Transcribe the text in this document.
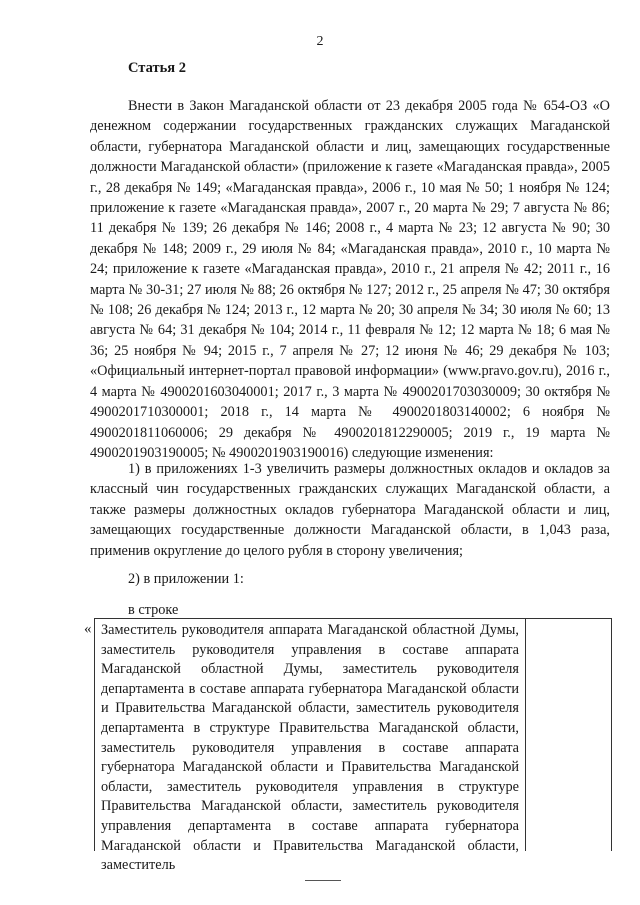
2
Статья 2

Внести в Закон Магаданской области от 23 декабря 2005 года № 654-ОЗ «О денежном содержании государственных гражданских служащих Магаданской области, губернатора Магаданской области и лиц, замещающих государственные должности Магаданской области» (приложение к газете «Магаданская правда», 2005 г., 28 декабря № 149; «Магаданская правда», 2006 г., 10 мая № 50; 1 ноября № 124; приложение к газете «Магаданская правда», 2007 г., 20 марта № 29; 7 августа № 86; 11 декабря № 139; 26 декабря № 146; 2008 г., 4 марта № 23; 12 августа № 90; 30 декабря № 148; 2009 г., 29 июля № 84; «Магаданская правда», 2010 г., 10 марта № 24; приложение к газете «Магаданская правда», 2010 г., 21 апреля № 42; 2011 г., 16 марта № 30-31; 27 июля № 88; 26 октября № 127; 2012 г., 25 апреля № 47; 30 октября № 108; 26 декабря № 124; 2013 г., 12 марта № 20; 30 апреля № 34; 30 июля № 60; 13 августа № 64; 31 декабря № 104; 2014 г., 11 февраля № 12; 12 марта № 18; 6 мая № 36; 25 ноября № 94; 2015 г., 7 апреля № 27; 12 июня № 46; 29 декабря № 103; «Официальный интернет-портал правовой информации» (www.pravo.gov.ru), 2016 г., 4 марта № 4900201603040001; 2017 г., 3 марта № 4900201703030009; 30 октября № 4900201710300001; 2018 г., 14 марта № 4900201803140002; 6 ноября № 4900201811060006; 29 декабря № 4900201812290005; 2019 г., 19 марта № 4900201903190005; № 4900201903190016) следующие изменения:

1) в приложениях 1-3 увеличить размеры должностных окладов и окладов за классный чин государственных гражданских служащих Магаданской области, а также размеры должностных окладов губернатора Магаданской области и лиц, замещающих государственные должности Магаданской области, в 1,043 раза, применив округление до целого рубля в сторону увеличения;

2) в приложении 1:

в строке

« Заместитель руководителя аппарата Магаданской областной Думы, заместитель руководителя управления в составе аппарата Магаданской областной Думы, заместитель руководителя департамента в составе аппарата губернатора Магаданской области и Правительства Магаданской области, заместитель руководителя департамента в структуре Правительства Магаданской области, заместитель руководителя управления в составе аппарата губернатора Магаданской области и Правительства Магаданской области, заместитель руководителя управления в структуре Правительства Магаданской области, заместитель руководителя управления департамента в составе аппарата губернатора Магаданской области и Правительства Магаданской области, заместитель
